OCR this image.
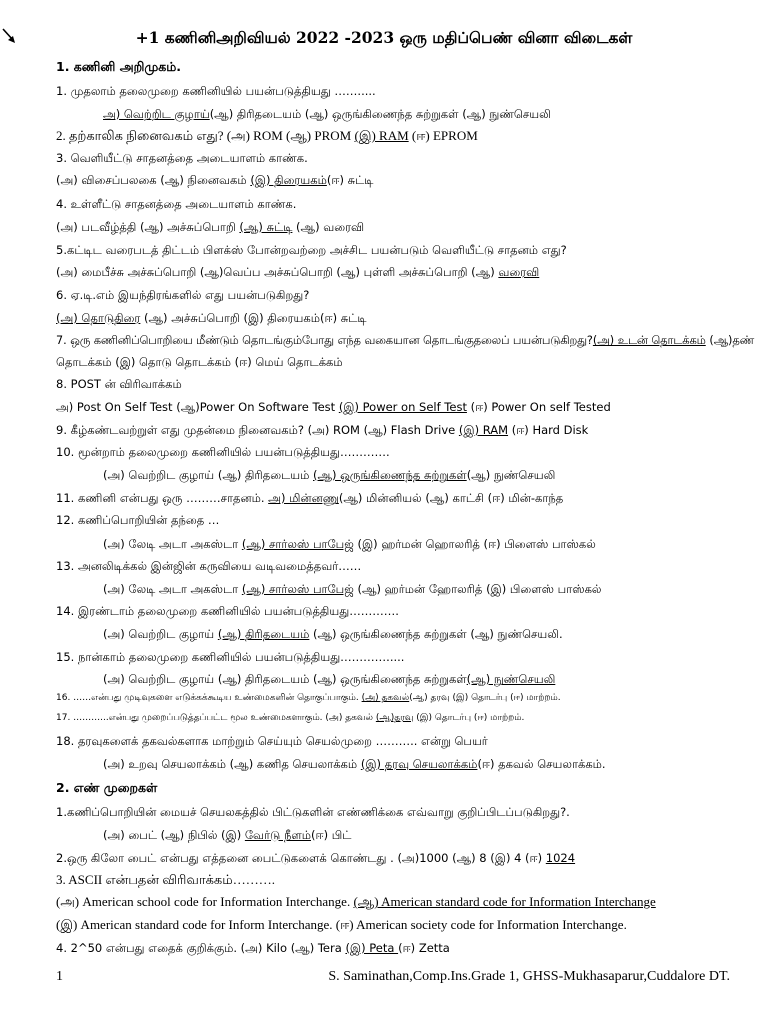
+1 கணினிஅறிவியல் 2022 -2023 ஒரு மதிப்பெண் வினா விடைகள்
1. கணினி அறிமுகம்.
1. முதலாம் தலைமுறை கணினியில் பயன்படுத்தியது …….....
அ) வெற்றிட குழாய்(ஆ) திரிதடையம் (ஆ) ஒருங்கிணைந்த சுற்றுகள் (ஆ) நுண்செயலி
2. தற்காலிக நினைவகம் எது? (அ) ROM (ஆ) PROM (இ) RAM (ஈ) EPROM
3. வெளியீட்டு சாதனத்தை அடையாளம் காண்க.
(அ) விசைப்பலகை (ஆ) நினைவகம் (இ) திரையகம்(ஈ) சுட்டி
4. உள்ளீட்டு சாதனத்தை அடையாளம் காண்க.
(அ) படவீழ்த்தி (ஆ) அச்சுப்பொறி (ஆ) சுட்டி (ஆ) வரைவி
5.கட்டிட வரைபடத் திட்டம் பிளக்ஸ் போன்றவற்றை அச்சிட பயன்படும் வெளியீட்டு சாதனம் எது?
(அ) மைபீச்சு அச்சுப்பொறி (ஆ)வெப்ப அச்சுப்பொறி (ஆ) புள்ளி அச்சுப்பொறி (ஆ) வரைவி
6. ஏ.டி.எம் இயந்திரங்களில் எது பயன்படுகிறது?
(அ) தொடுதிரை (ஆ) அச்சுப்பொறி (இ) திரையகம்(ஈ) சுட்டி
7. ஒரு கணினிப்பொறியை மீண்டும் தொடங்கும்போது எந்த வகையான தொடங்குதலைப் பயன்படுகிறது?(அ) உடன் தொடக்கம் (ஆ)தண்
தொடக்கம் (இ) தொடு தொடக்கம் (ஈ) மெய் தொடக்கம்
8. POST ன் விரிவாக்கம்
அ) Post On Self Test (ஆ)Power On Software Test (இ) Power on Self Test (ஈ) Power On self Tested
9. கீழ்கண்டவற்றுள் எது முதன்மை நினைவகம்? (அ) ROM (ஆ) Flash Drive (இ) RAM (ஈ) Hard Disk
10. மூன்றாம் தலைமுறை கணினியில் பயன்படுத்தியது………….
(அ) வெற்றிட குழாய் (ஆ) திரிதடையம் (ஆ) ஒருங்கிணைந்த சுற்றுகள்(ஆ) நுண்செயலி
11. கணினி என்பது ஒரு ………சாதனம். அ) மின்னணு(ஆ) மின்னியல் (ஆ) காட்சி (ஈ) மின்-காந்த
12. கணிப்பொறியின் தந்தை …
(அ) லேடி அடா அகஸ்டா (ஆ) சார்லஸ் பாபேஜ் (இ) ஹர்மன் ஹொலரித் (ஈ) பிளைஸ் பாஸ்கல்
13. அனலிடிக்கல் இன்ஜின் கருவியை வடிவமைத்தவர்……
(அ) லேடி அடா அகஸ்டா (ஆ) சார்லஸ் பாபேஜ் (ஆ) ஹர்மன் ஹோலரித் (இ) பிளைஸ் பாஸ்கல்
14. இரண்டாம் தலைமுறை கணினியில் பயன்படுத்தியது………….
(அ) வெற்றிட குழாய் (ஆ) திரிதடையம் (ஆ) ஒருங்கிணைந்த சுற்றுகள் (ஆ) நுண்செயலி.
15. நான்காம் தலைமுறை கணினியில் பயன்படுத்தியது………….....
(அ) வெற்றிட குழாய் (ஆ) திரிதடையம் (ஆ) ஒருங்கிணைந்த சுற்றுகள்(ஆ) நுண்செயலி
16. ……என்பது முடிவுகளை எடுக்கக்கூடிய உண்மைகளின் தொகுப்பாகும். (அ) தகவல்(ஆ) தரவு (இ) தொடர்பு (ஈ) மாற்றம்.
17. ………...என்பது முறைப்படுத்தப்பட்ட மூல உண்மைகளாகும். (அ) தகவல் (ஆ)தரவு (இ) தொடர்பு (ஈ) மாற்றம்.
18. தரவுகளைக் தகவல்களாக மாற்றும் செய்யும் செயல்முறை ……….. என்று பெயர்
(அ) உறவு செயலாக்கம் (ஆ) கணித செயலாக்கம் (இ) தரவு செயலாக்கம்(ஈ) தகவல் செயலாக்கம்.
2. எண் முறைகள்
1.கணிப்பொறியின் மையச் செயலகத்தில் பிட்டுகளின் எண்ணிக்கை எவ்வாறு குறிப்பிடப்படுகிறது?.
(அ) பைட் (ஆ) நிபில் (இ) வேர்டு நீளம்(ஈ) பிட்
2.ஒரு கிலோ பைட் என்பது எத்தனை பைட்டுகளைக் கொண்டது . (அ)1000 (ஆ) 8 (இ) 4 (ஈ) 1024
3. ASCII என்பதன் விரிவாக்கம்……….
(அ) American school code for Information Interchange. (ஆ) American standard code for Information Interchange
(இ) American standard code for Inform Interchange. (ஈ) American society code for Information Interchange.
4. 2^50 என்பது எதைக் குறிக்கும். (அ) Kilo (ஆ) Tera (இ) Peta (ஈ) Zetta
1	S. Saminathan,Comp.Ins.Grade 1, GHSS-Mukhasaparur,Cuddalore DT.
